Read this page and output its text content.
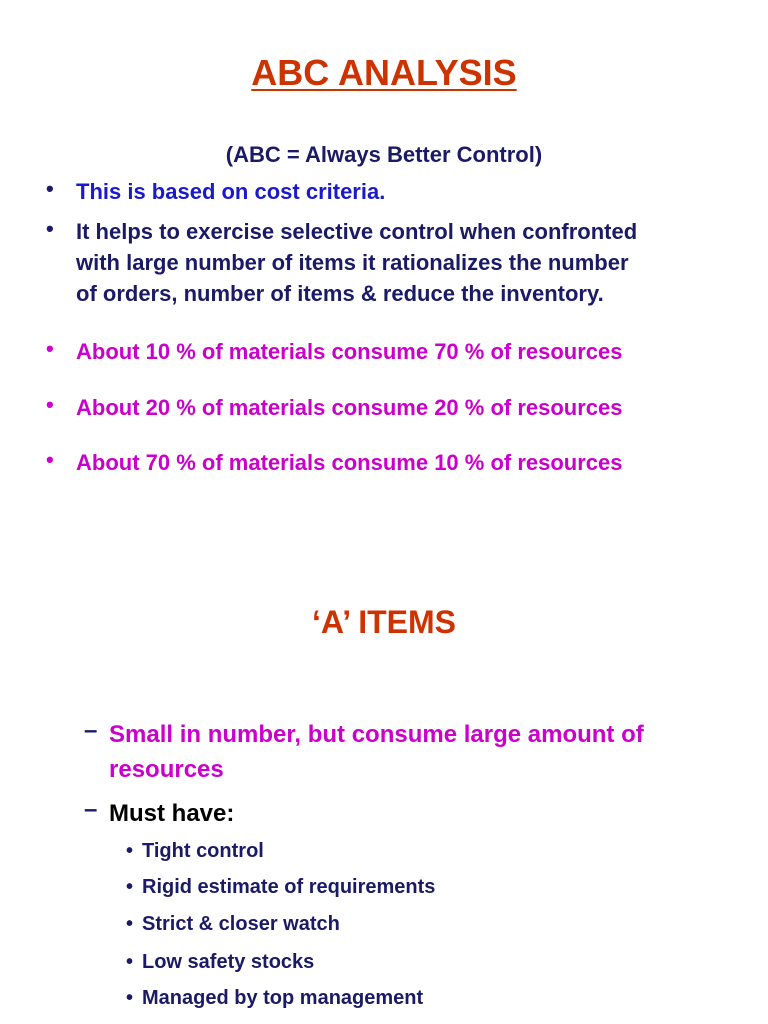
ABC ANALYSIS
(ABC = Always Better Control)
• This is based on cost criteria.
• It helps to exercise selective control when confronted
with large number of items it rationalizes the number
of orders, number of items & reduce the inventory.
• About 10 % of materials consume 70 % of resources
• About 20 % of materials consume 20 % of resources
• About 70 % of materials consume 10 % of resources
‘A’ ITEMS
– Small in number, but consume large amount of
resources
– Must have:
• Tight control
• Rigid estimate of requirements
• Strict & closer watch
• Low safety stocks
• Managed by top management
